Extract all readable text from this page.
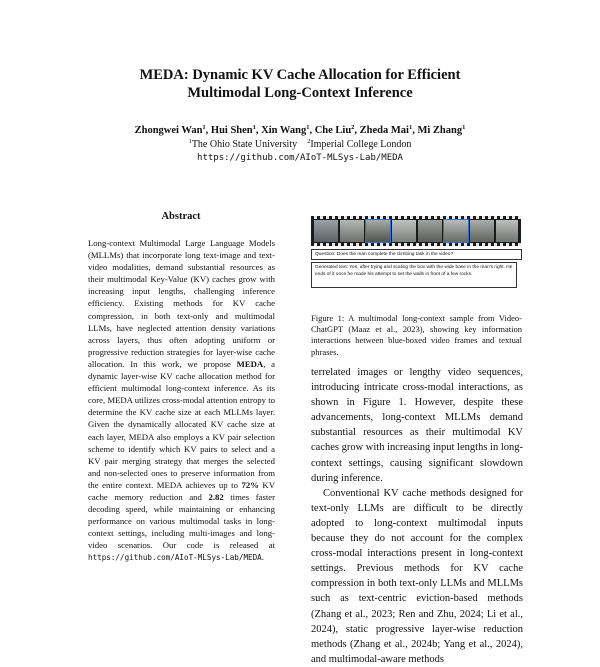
MEDA: Dynamic KV Cache Allocation for Efficient
Multimodal Long-Context Inference
Zhongwei Wan$^1$, Hui Shen$^1$, Xin Wang$^1$, Che Liu$^2$, Zheda Mai$^1$, Mi Zhang$^1$
$^1$The Ohio State University $^2$Imperial College London
https://github.com/AIoT-MLSys-Lab/MEDA
Abstract
Long-context Multimodal Large Language Models (MLLMs) that incorporate long text-image and text-video modalities, demand substantial resources as their multimodal Key-Value (KV) caches grow with increasing input lengths, challenging inference efficiency. Existing methods for KV cache compression, in both text-only and multimodal LLMs, have neglected attention density variations across layers, thus often adopting uniform or progressive reduction strategies for layer-wise cache allocation. In this work, we propose MEDA, a dynamic layer-wise KV cache allocation method for efficient multimodal long-context inference. As its core, MEDA utilizes cross-modal attention entropy to determine the KV cache size at each MLLMs layer. Given the dynamically allocated KV cache size at each layer, MEDA also employs a KV pair selection scheme to identify which KV pairs to select and a KV pair merging strategy that merges the selected and non-selected ones to preserve information from the entire context. MEDA achieves up to 72% KV cache memory reduction and 2.82 times faster decoding speed, while maintaining or enhancing performance on various multimodal tasks in long-context settings, including multi-images and long-video scenarios. Our code is released at https://github.com/AIoT-MLSys-Lab/MEDA.
Question: Does the man complete the climbing task in the video?
Generated text: Yes, after trying and scaling the box with the wide base in the man's right. He ends of it once he made his attempt to set the walls in front of a few rocks.
Figure 1: A multimodal long-context sample from Video-ChatGPT (Maaz et al., 2023), showing key information interactions between blue-boxed video frames and textual phrases.

terrelated images or lengthy video sequences, introducing intricate cross-modal interactions, as shown in Figure 1. However, despite these advancements, long-context MLLMs demand substantial resources as their multimodal KV caches grow with increasing input lengths in long-context settings, causing significant slowdown during inference.

Conventional KV cache methods designed for text-only LLMs are difficult to be directly adopted to long-context multimodal inputs because they do not account for the complex cross-modal interactions present in long-context settings. Previous methods for KV cache compression in both text-only LLMs and MLLMs such as text-centric eviction-based methods (Zhang et al., 2023; Ren and Zhu, 2024; Li et al., 2024), static progressive layer-wise reduction methods (Zhang et al., 2024b; Yang et al., 2024), and multimodal-aware methods
